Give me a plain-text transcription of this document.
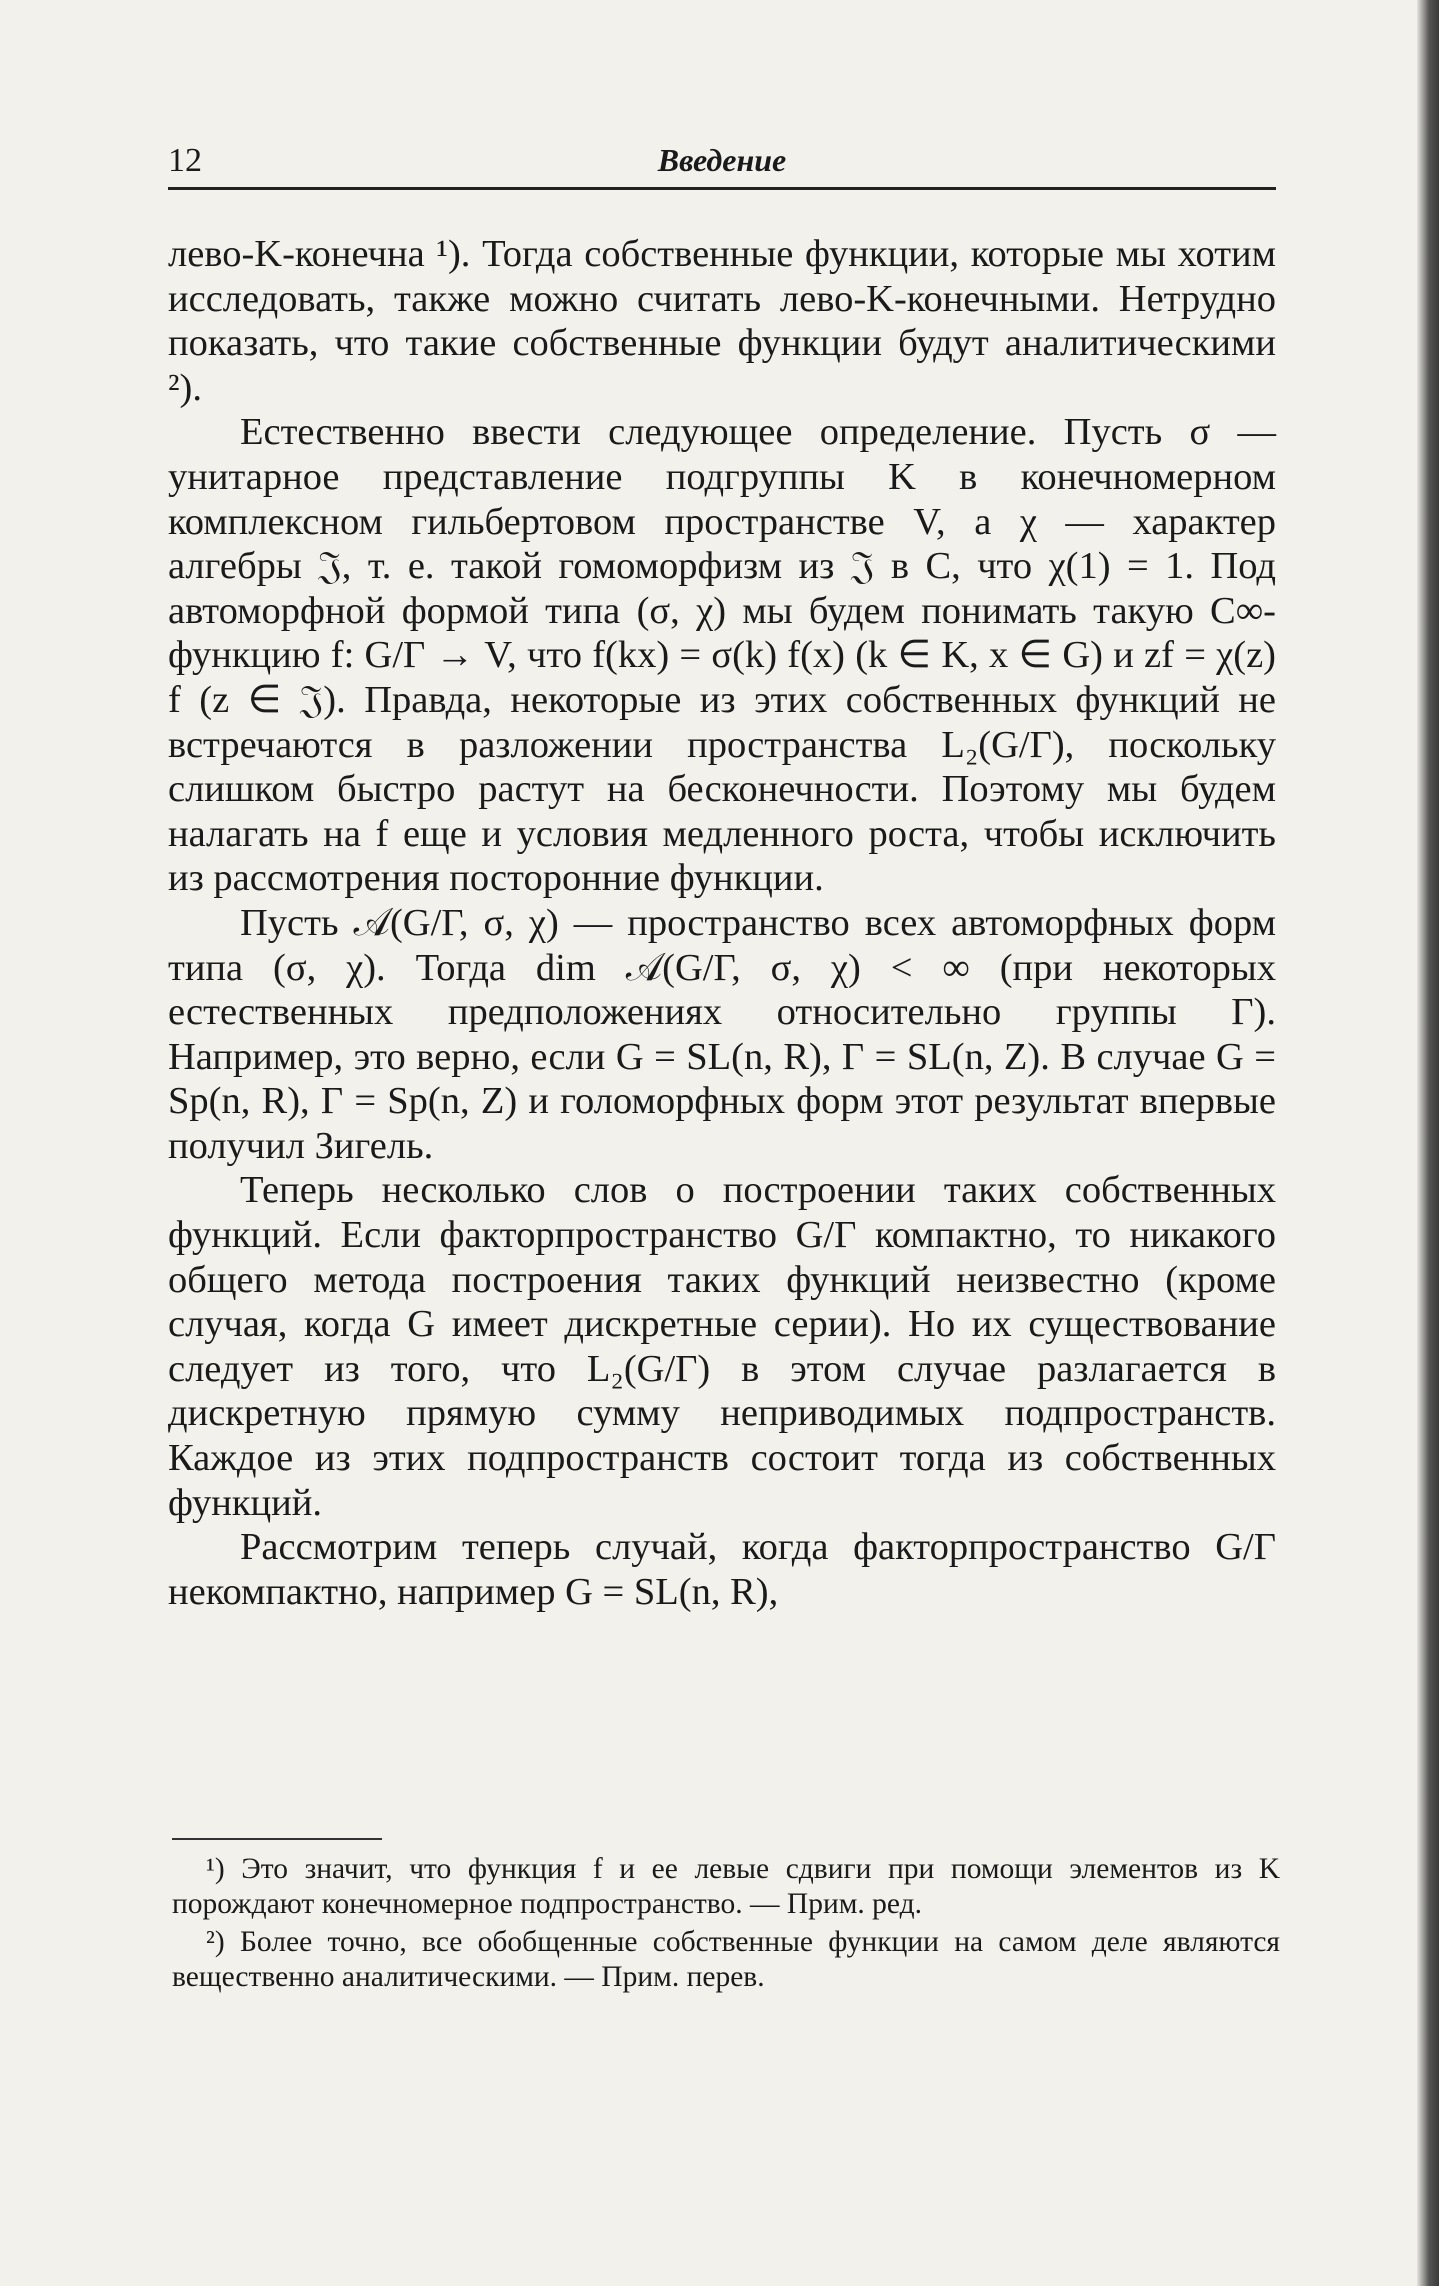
12	Введение

лево-K-конечна ¹). Тогда собственные функции, которые мы хотим исследовать, также можно считать лево-K-конечными. Нетрудно показать, что такие собственные функции будут аналитическими ²).

Естественно ввести следующее определение. Пусть σ — унитарное представление подгруппы K в конечномерном комплексном гильбертовом пространстве V, а χ — характер алгебры 𝔍, т. е. такой гомоморфизм из 𝔍 в C, что χ(1) = 1. Под автоморфной формой типа (σ, χ) мы будем понимать такую C∞-функцию f: G/Γ → V, что f(kx) = σ(k) f(x) (k ∈ K, x ∈ G) и zf = χ(z) f (z ∈ 𝔍). Правда, некоторые из этих собственных функций не встречаются в разложении пространства L₂(G/Γ), поскольку слишком быстро растут на бесконечности. Поэтому мы будем налагать на f еще и условия медленного роста, чтобы исключить из рассмотрения посторонние функции.

Пусть 𝒜(G/Γ, σ, χ) — пространство всех автоморфных форм типа (σ, χ). Тогда dim 𝒜(G/Γ, σ, χ) < ∞ (при некоторых естественных предположениях относительно группы Γ). Например, это верно, если G = SL(n, R), Γ = SL(n, Z). В случае G = Sp(n, R), Γ = Sp(n, Z) и голоморфных форм этот результат впервые получил Зигель.

Теперь несколько слов о построении таких собственных функций. Если факторпространство G/Γ компактно, то никакого общего метода построения таких функций неизвестно (кроме случая, когда G имеет дискретные серии). Но их существование следует из того, что L₂(G/Γ) в этом случае разлагается в дискретную прямую сумму неприводимых подпространств. Каждое из этих подпространств состоит тогда из собственных функций.

Рассмотрим теперь случай, когда факторпространство G/Γ некомпактно, например G = SL(n, R),

¹) Это значит, что функция f и ее левые сдвиги при помощи элементов из K порождают конечномерное подпространство. — Прим. ред.

²) Более точно, все обобщенные собственные функции на самом деле являются вещественно аналитическими. — Прим. перев.
